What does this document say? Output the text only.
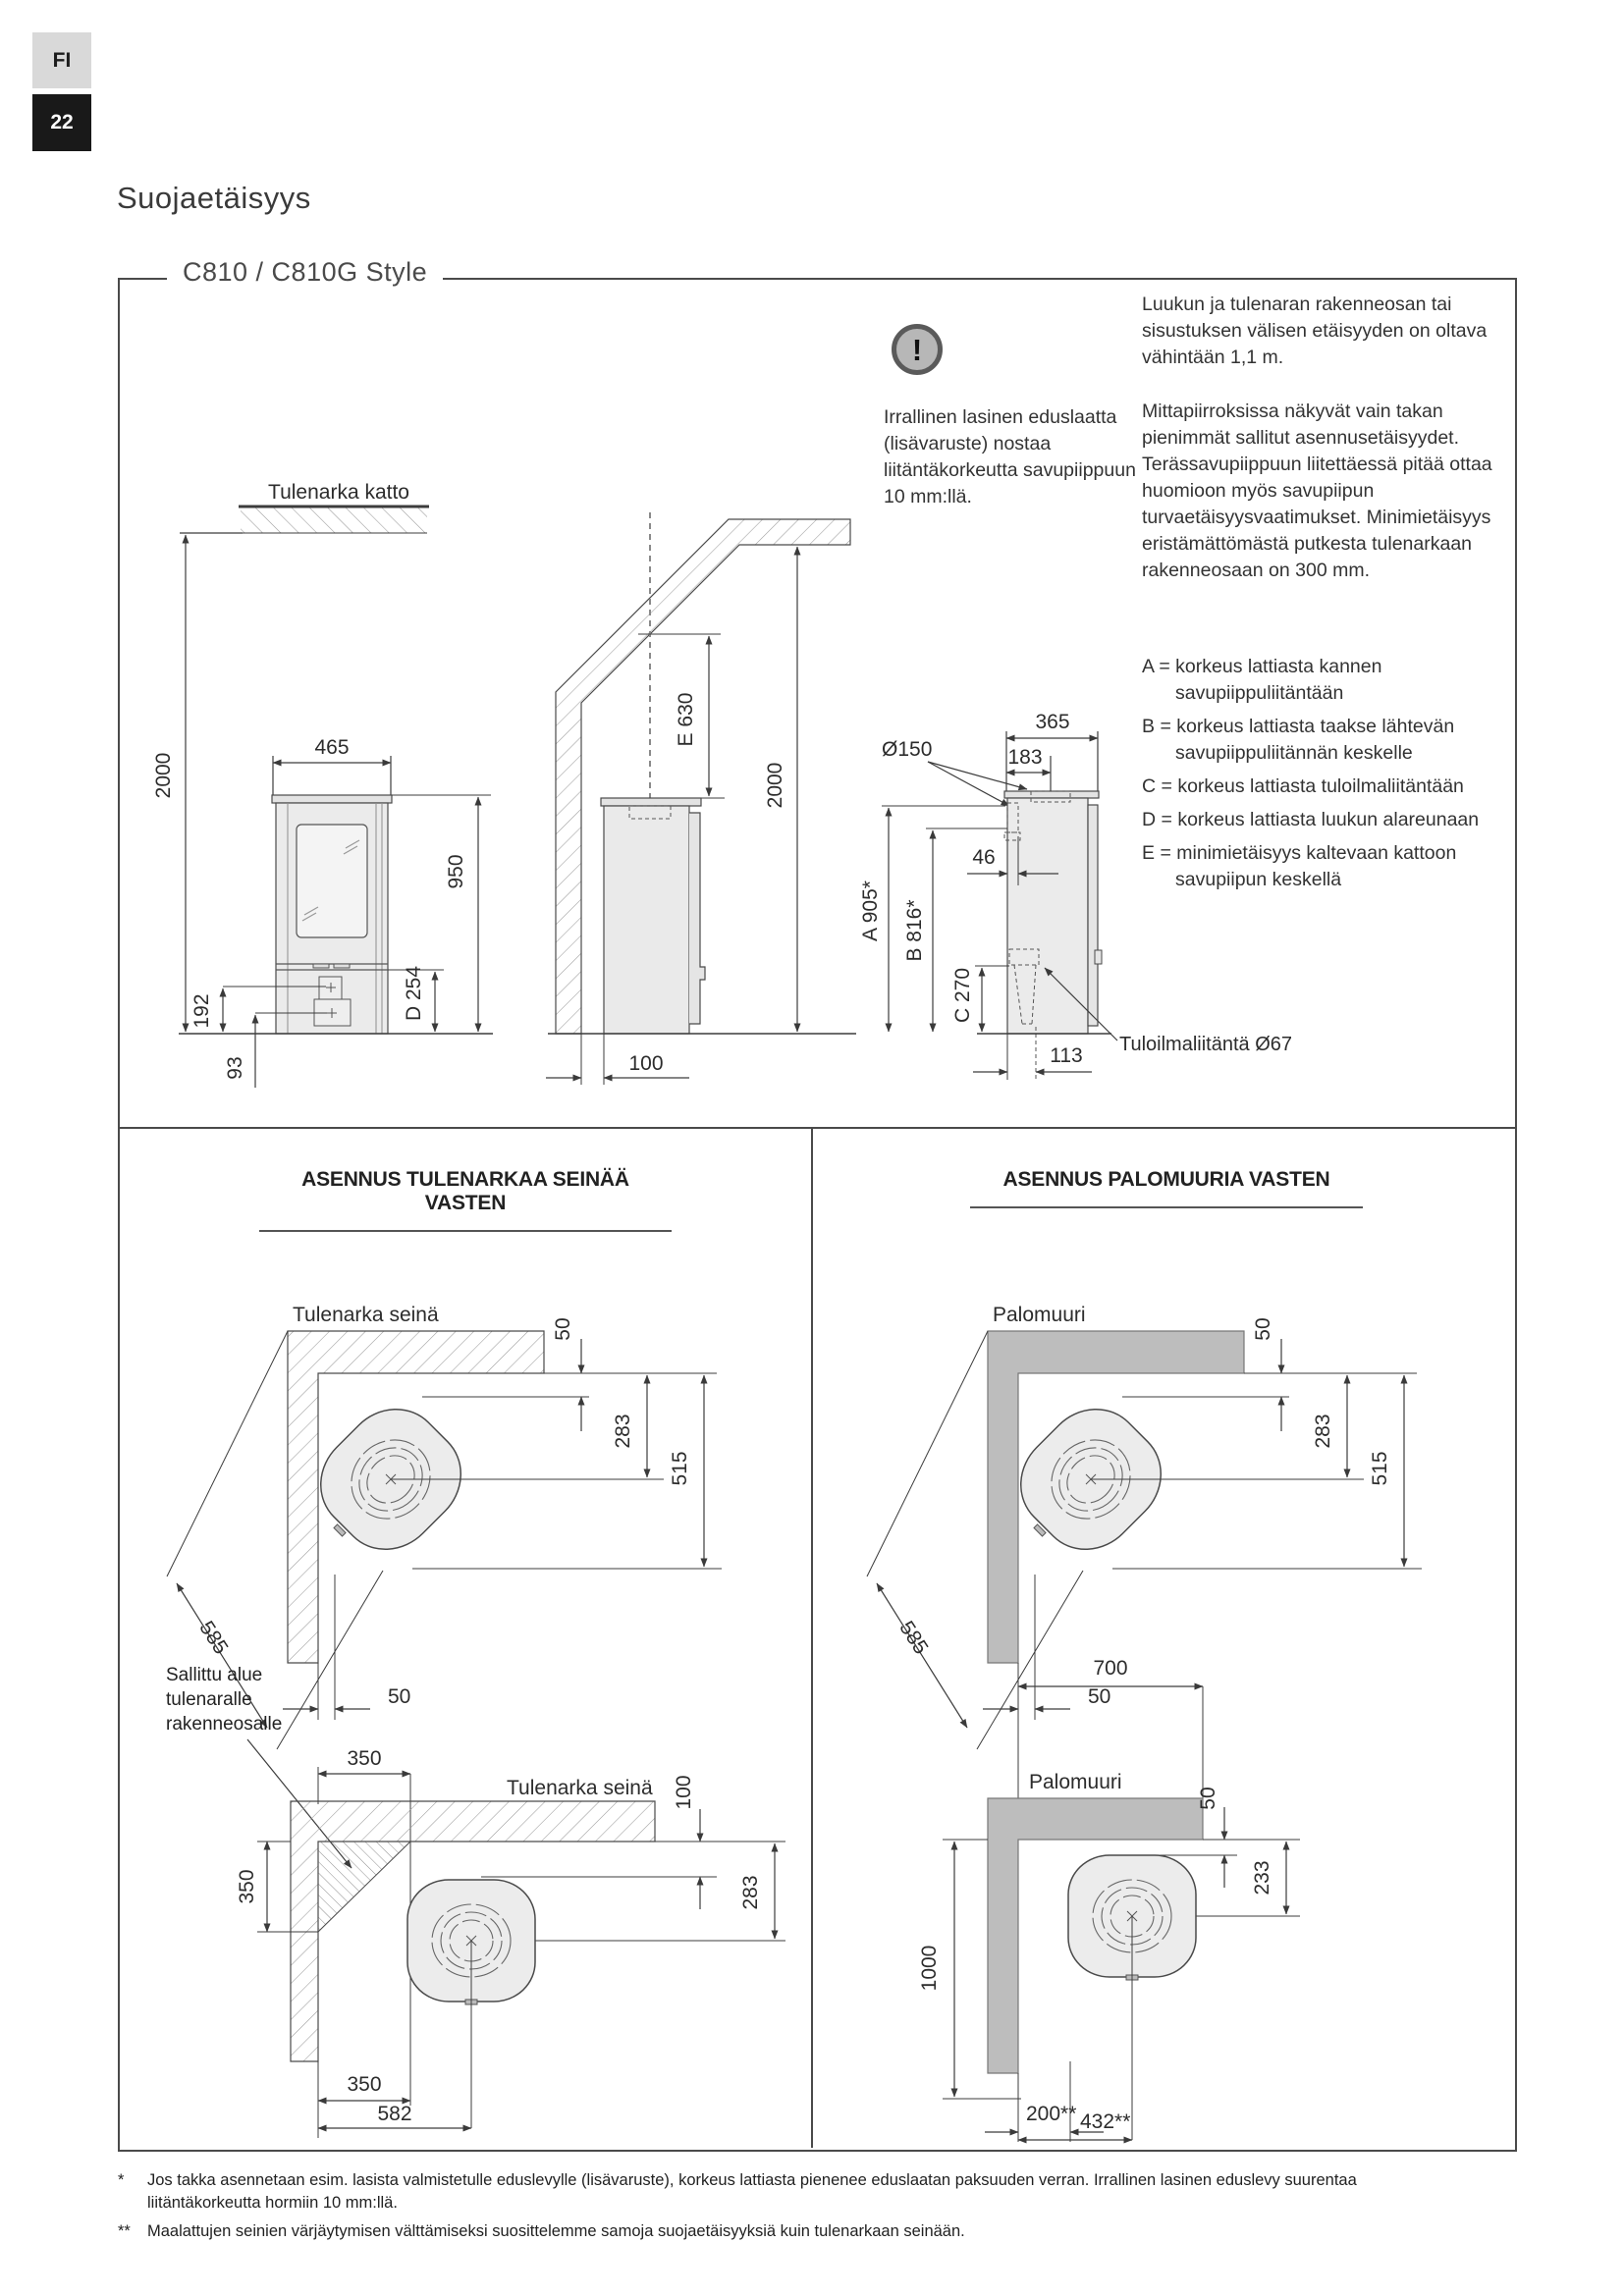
FI
22
Suojaetäisyys
C810 / C810G Style
!
Irrallinen lasinen eduslaatta (lisävaruste) nostaa liitäntäkorkeutta savupiippuun 10 mm:llä.

Luukun ja tulenaran rakenneosan tai sisustuksen välisen etäisyyden on oltava vähintään 1,1 m.

Mittapiirroksissa näkyvät vain takan pienimmät sallitut asennusetäisyydet. Terässavupiippuun liitettäessä pitää ottaa huomioon myös savupiipun turvaetäisyysvaatimukset. Minimietäisyys eristämättömästä putkesta tulenarkaan rakenneosaan on 300 mm.

A = korkeus lattiasta kannen savupiippuliitäntään
B = korkeus lattiasta taakse lähtevän savupiippuliitännän keskelle
C = korkeus lattiasta tuloilmaliitäntään
D = korkeus lattiasta luukun alareunaan
E = minimietäisyys kaltevaan kattoon savupiipun keskellä
Tulenarka katto
2000
465
950
D 254
192
93
E 630
2000
100
Ø150
365
183
46
A 905* B 816*
C 270
113 Tuloilmaliitäntä Ø67
ASENNUS TULENARKAA SEINÄÄ VASTEN
ASENNUS PALOMUURIA VASTEN
Tulenarka seinä
50
283
515
585
50
Palomuuri
50
283
515
585
50
Sallittu alue tulenaralle rakenneosalle
350
350
Tulenarka seinä 100
283
350
582
700
Palomuuri
50
233
1000
200** 432**
*	Jos takka asennetaan esim. lasista valmistetulle eduslevylle (lisävaruste), korkeus lattiasta pienenee eduslaatan paksuuden verran. Irrallinen lasinen eduslevy suurentaa liitäntäkorkeutta hormiin 10 mm:llä.
**	Maalattujen seinien värjäytymisen välttämiseksi suosittelemme samoja suojaetäisyyksiä kuin tulenarkaan seinään.
